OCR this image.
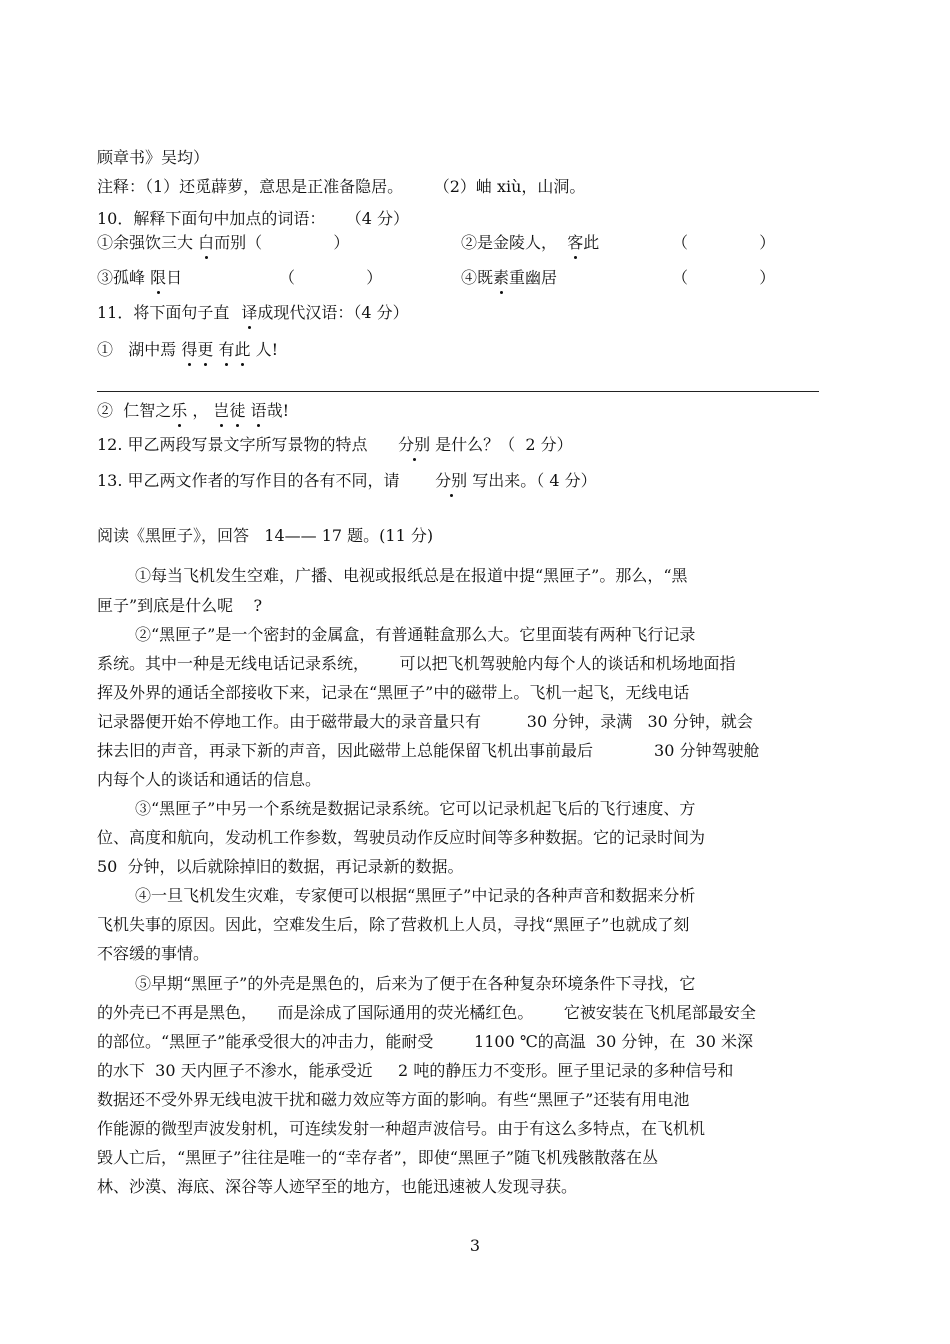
顾章书》吴均）
注释：（1）还觅薜萝，意思是正准备隐居。      （2）岫 xiù，山洞。
10．解释下面句中加点的词语：    （4 分）
①余强饮三大 白而别（              ）	②是金陵人， 客此	（              ）
③孤峰 限日	（              ）	④既素重幽居	（              ）
11．将下面句子直 译成现代汉语：（4 分）
① 湖中焉 得更 有此 人!
② 仁智之乐 ， 岂徒 语哉!
12. 甲乙两段写景文字所写景物的特点 分别 是什么？（  2 分）
13. 甲乙两文作者的写作目的各有不同，请 分别 写出来。（ 4 分）
阅读《黑匣子》，回答   14—— 17 题。(11 分)
①每当飞机发生空难，广播、电视或报纸总是在报道中提“黑匣子”。那么，“黑
匣子”到底是什么呢    ?
②“黑匣子”是一个密封的金属盒，有普通鞋盒那么大。它里面装有两种飞行记录
系统。其中一种是无线电话记录系统，      可以把飞机驾驶舱内每个人的谈话和机场地面指
挥及外界的通话全部接收下来，记录在“黑匣子”中的磁带上。飞机一起飞，无线电话
记录器便开始不停地工作。由于磁带最大的录音量只有         30 分钟，录满   30 分钟，就会
抹去旧的声音，再录下新的声音，因此磁带上总能保留飞机出事前最后            30 分钟驾驶舱
内每个人的谈话和通话的信息。
③“黑匣子”中另一个系统是数据记录系统。它可以记录机起飞后的飞行速度、方
位、高度和航向，发动机工作参数，驾驶员动作反应时间等多种数据。它的记录时间为
50  分钟，以后就除掉旧的数据，再记录新的数据。
④一旦飞机发生灾难，专家便可以根据“黑匣子”中记录的各种声音和数据来分析
飞机失事的原因。因此，空难发生后，除了营救机上人员，寻找“黑匣子”也就成了刻
不容缓的事情。
⑤早期“黑匣子”的外壳是黑色的，后来为了便于在各种复杂环境条件下寻找，它
的外壳已不再是黑色，    而是涂成了国际通用的荧光橘红色。      它被安装在飞机尾部最安全
的部位。“黑匣子”能承受很大的冲击力，能耐受        1100 ℃的高温  30 分钟，在  30 米深
的水下  30 天内匣子不渗水，能承受近     2 吨的静压力不变形。匣子里记录的多种信号和
数据还不受外界无线电波干扰和磁力效应等方面的影响。有些“黑匣子”还装有用电池
作能源的微型声波发射机，可连续发射一种超声波信号。由于有这么多特点，在飞机机
毁人亡后，“黑匣子”往往是唯一的“幸存者”，即使“黑匣子”随飞机残骸散落在丛
林、沙漠、海底、深谷等人迹罕至的地方，也能迅速被人发现寻获。
3
